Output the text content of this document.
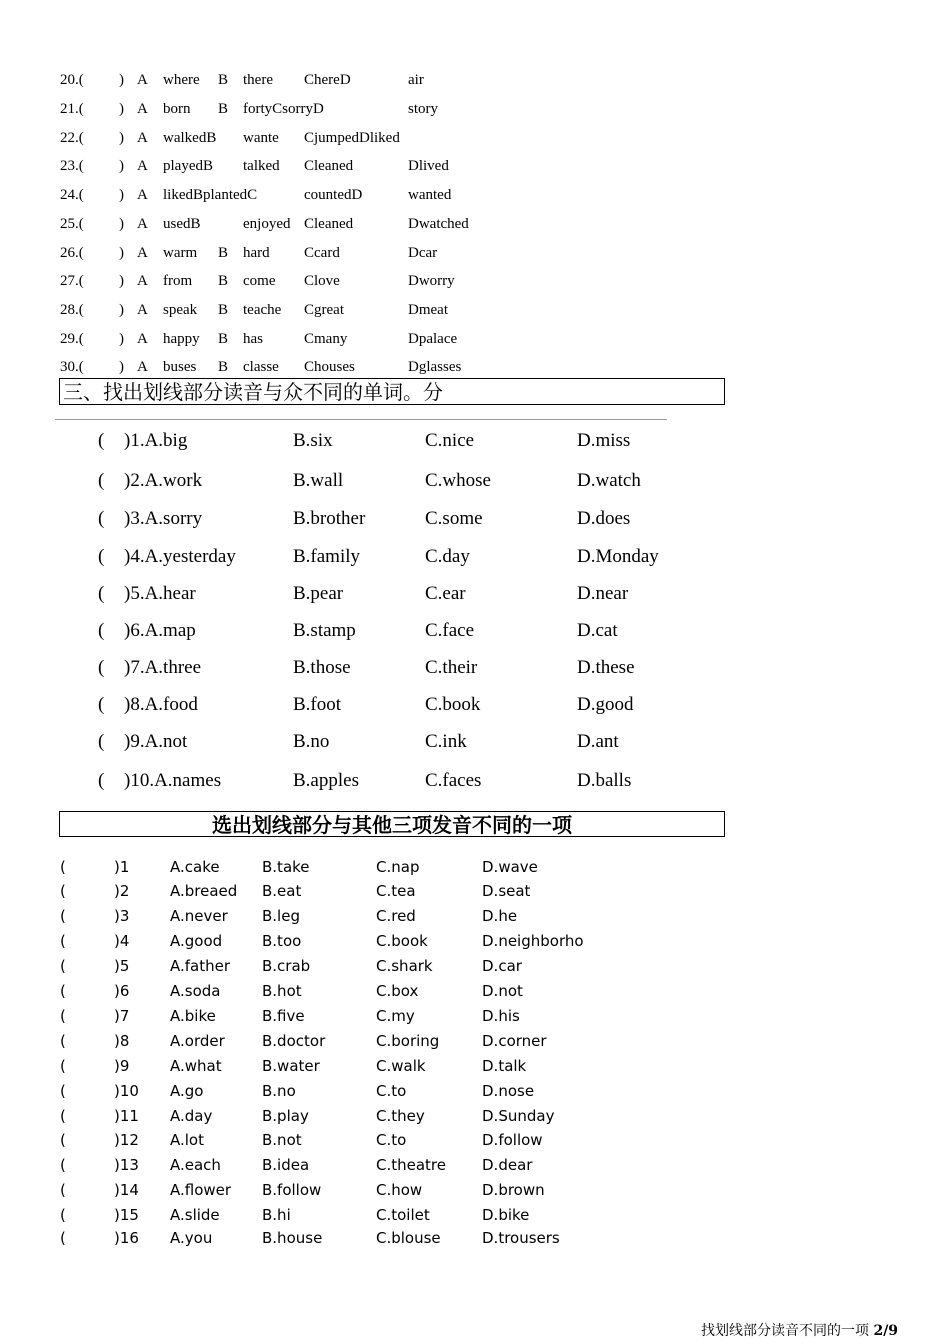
20.( ) A where B there ChereD	air
21.( ) A born B fortyCsorryD	story
22.( ) A walkedB wante CjumpedDliked
23.( ) A playedB talked Cleaned	Dlived
24.( ) A likedBplantedC	countedD	wanted
25.( ) A usedB	enjoyed Cleaned	Dwatched
26.( ) A warm B hard Ccard	Dcar
27.( ) A from B come Clove	Dworry
28.( ) A speak B teache Cgreat	Dmeat
29.( ) A happy B has	Cmany	Dpalace
30.( ) A buses B classe Chouses	Dglasses
三、找出划线部分读音与众不同的单词。分
( )1.A.big	B.six	C.nice	D.miss
( )2.A.work	B.wall	C.whose	D.watch
( )3.A.sorry	B.brother	C.some	D.does
( )4.A.yesterday	B.family	C.day	D.Monday
( )5.A.hear	B.pear	C.ear	D.near
( )6.A.map	B.stamp	C.face	D.cat
( )7.A.three	B.those	C.their	D.these
( )8.A.food	B.foot	C.book	D.good
( )9.A.not	B.no	C.ink	D.ant
( )10.A.names	B.apples	C.faces	D.balls
选出划线部分与其他三项发音不同的一项
(	)1	A.cake	B.take	C.nap	D.wave
(	)2	A.breaed B.eat	C.tea	D.seat
(	)3	A.never B.leg	C.red	D.he
(	)4	A.good	B.too	C.book	D.neighborho
(	)5	A.father B.crab	C.shark	D.car
(	)6	A.soda	B.hot	C.box	D.not
(	)7	A.bike	B.five	C.my	D.his
(	)8	A.order B.doctor	C.boring	D.corner
(	)9	A.what	B.water	C.walk	D.talk
(	)10 A.go	B.no	C.to	D.nose
(	)11 A.day	B.play	C.they	D.Sunday
(	)12 A.lot	B.not	C.to	D.follow
(	)13 A.each	B.idea	C.theatre D.dear
(	)14 A.flower B.follow	C.how	D.brown
(	)15 A.slide	B.hi	C.toilet	D.bike
(	)16 A.you	B.house	C.blouse	D.trousers
找划线部分读音不同的一项 2/9
